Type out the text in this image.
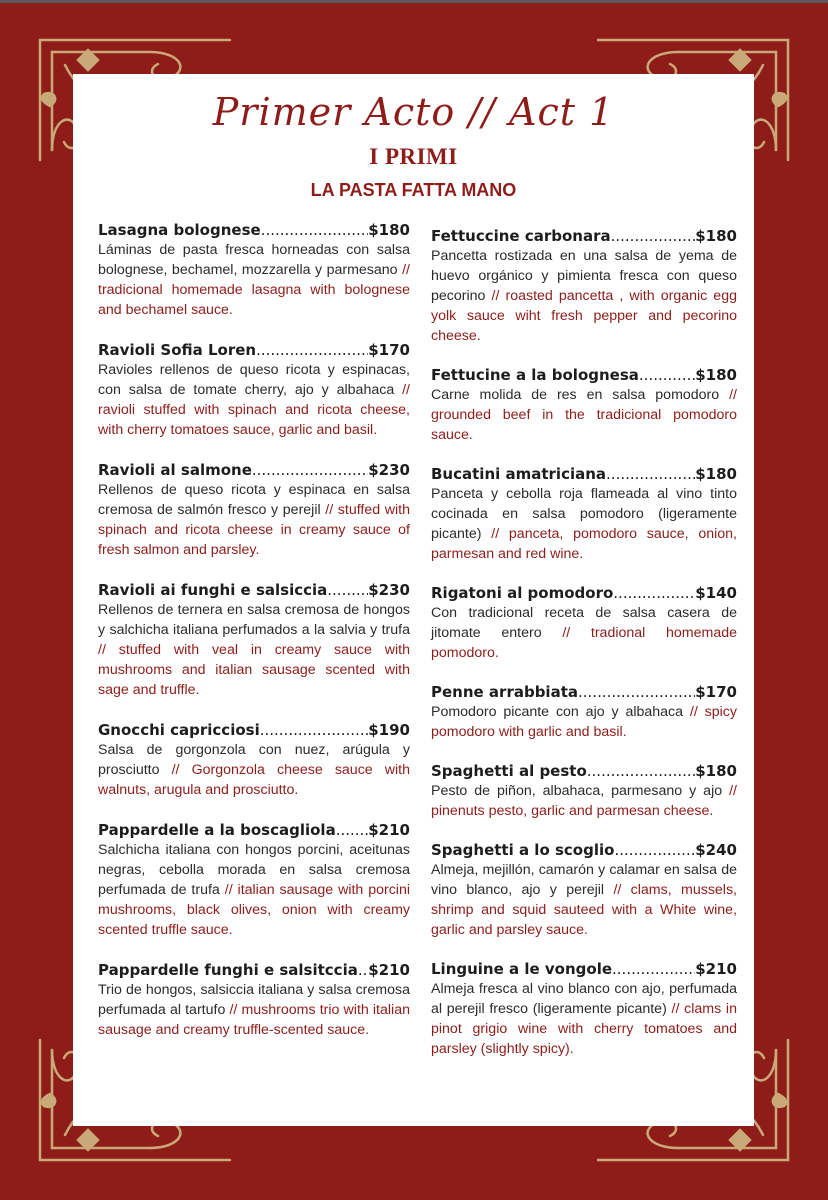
Primer Acto // Act 1
I PRIMI
LA PASTA FATTA MANO
Lasagna bolognese .....	$180

Láminas de pasta fresca horneadas con salsa bolognese, bechamel, mozzarella y parmesano // tradicional homemade lasagna with bolognese and bechamel sauce.

Ravioli Sofia Loren .....	$170

Ravioles rellenos de queso ricota y espinacas, con salsa de tomate cherry, ajo y albahaca // ravioli stuffed with spinach and ricota cheese, with cherry tomatoes sauce, garlic and basil.

Ravioli al salmone .....	$230

Rellenos de queso ricota y espinaca en salsa cremosa de salmón fresco y perejil // stuffed with spinach and ricota cheese in creamy sauce of fresh salmon and parsley.

Ravioli ai funghi e salsiccia .....	$230

Rellenos de ternera en salsa cremosa de hongos y salchicha italiana perfumados a la salvia y trufa // stuffed with veal in creamy sauce with mushrooms and italian sausage scented with sage and truffle.

Gnocchi capricciosi .....	$190

Salsa de gorgonzola con nuez, arúgula y prosciutto // Gorgonzola cheese sauce with walnuts, arugula and prosciutto.

Pappardelle a la boscagliola ..... $210

Salchicha italiana con hongos porcini, aceitunas negras, cebolla morada en salsa cremosa perfumada de trufa // italian sausage with porcini mushrooms, black olives, onion with creamy scented truffle sauce.

Pappardelle funghi e salsitccia ..... $210

Trio de hongos, salsiccia italiana y salsa cremosa perfumada al tartufo // mushrooms trio with italian sausage and creamy truffle-scented sauce.

Fettuccine carbonara .....	$180

Pancetta rostizada en una salsa de yema de huevo orgánico y pimienta fresca con queso pecorino // roasted pancetta , with organic egg yolk sauce wiht fresh pepper and pecorino cheese.

Fettucine a la bolognesa .....	$180

Carne molida de res en salsa pomodoro // grounded beef in the tradicional pomodoro sauce.

Bucatini amatriciana .....	$180

Panceta y cebolla roja flameada al vino tinto cocinada en salsa pomodoro (ligeramente picante) // panceta, pomodoro sauce, onion, parmesan and red wine.

Rigatoni al pomodoro .....	$140

Con tradicional receta de salsa casera de jitomate entero // tradional homemade pomodoro.

Penne arrabbiata .....	$170

Pomodoro picante con ajo y albahaca // spicy pomodoro with garlic and basil.

Spaghetti al pesto .....	$180

Pesto de piñon, albahaca, parmesano y ajo // pinenuts pesto, garlic and parmesan cheese.

Spaghetti a lo scoglio .....	$240

Almeja, mejillón, camarón y calamar en salsa de vino blanco, ajo y perejil // clams, mussels, shrimp and squid sauteed with a White wine, garlic and parsley sauce.

Linguine a le vongole .....	$210

Almeja fresca al vino blanco con ajo, perfumada al perejil fresco (ligeramente picante) // clams in pinot grigio wine with cherry tomatoes and parsley (slightly spicy).
